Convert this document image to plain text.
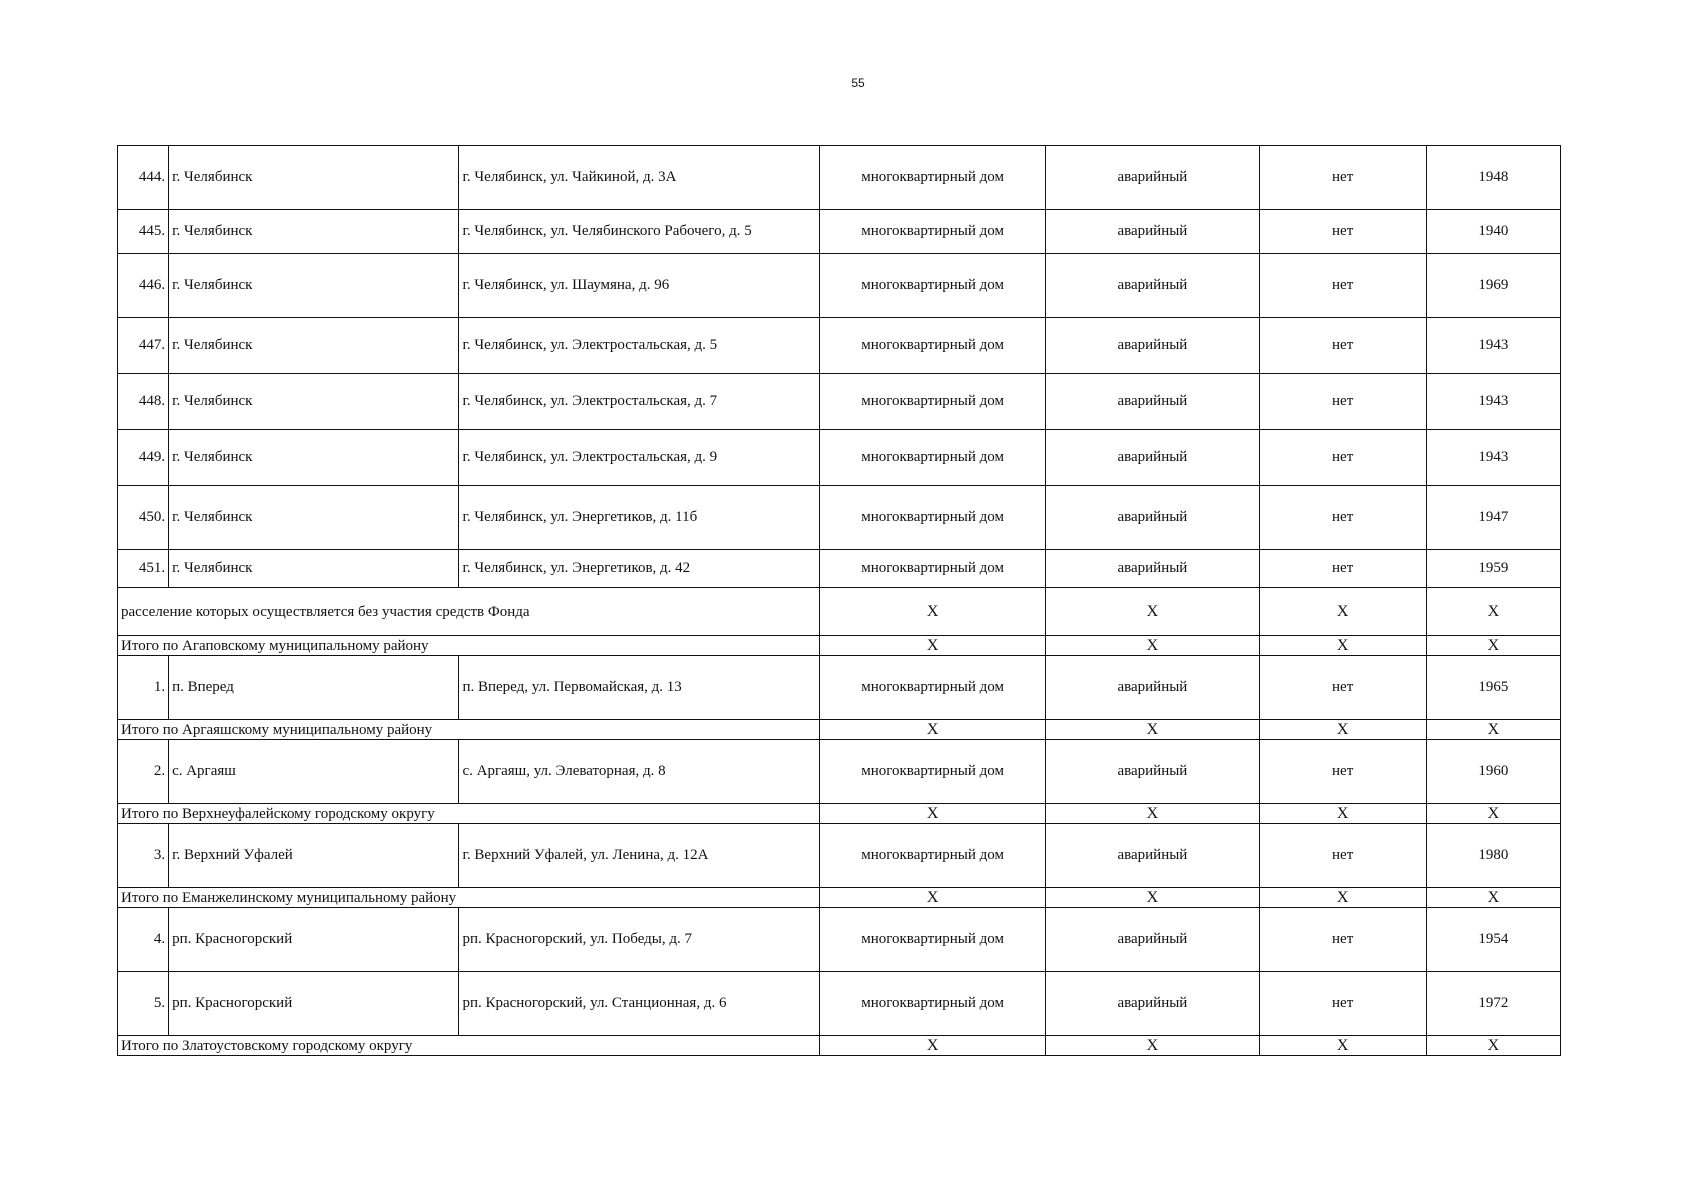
55
444.	г. Челябинск	г. Челябинск, ул. Чайкиной, д. 3А	многоквартирный дом	аварийный	нет	1948
445.	г. Челябинск	г. Челябинск, ул. Челябинского Рабочего, д. 5	многоквартирный дом	аварийный	нет	1940
446.	г. Челябинск	г. Челябинск, ул. Шаумяна, д. 96	многоквартирный дом	аварийный	нет	1969
447.	г. Челябинск	г. Челябинск, ул. Электростальская, д. 5	многоквартирный дом	аварийный	нет	1943
448.	г. Челябинск	г. Челябинск, ул. Электростальская, д. 7	многоквартирный дом	аварийный	нет	1943
449.	г. Челябинск	г. Челябинск, ул. Электростальская, д. 9	многоквартирный дом	аварийный	нет	1943
450.	г. Челябинск	г. Челябинск, ул. Энергетиков, д. 11б	многоквартирный дом	аварийный	нет	1947
451.	г. Челябинск	г. Челябинск, ул. Энергетиков, д. 42	многоквартирный дом	аварийный	нет	1959
расселение которых осуществляется без участия средств Фонда			X	X	X	X
Итого по Агаповскому муниципальному району			X	X	X	X
1.	п. Вперед	п. Вперед, ул. Первомайская, д. 13	многоквартирный дом	аварийный	нет	1965
Итого по Аргаяшскому муниципальному району			X	X	X	X
2.	с. Аргаяш	с. Аргаяш, ул. Элеваторная, д. 8	многоквартирный дом	аварийный	нет	1960
Итого по Верхнеуфалейскому городскому округу			X	X	X	X
3.	г. Верхний Уфалей	г. Верхний Уфалей, ул. Ленина, д. 12А	многоквартирный дом	аварийный	нет	1980
Итого по Еманжелинскому муниципальному району			X	X	X	X
4.	рп. Красногорский	рп. Красногорский, ул. Победы, д. 7	многоквартирный дом	аварийный	нет	1954
5.	рп. Красногорский	рп. Красногорский, ул. Станционная, д. 6	многоквартирный дом	аварийный	нет	1972
Итого по Златоустовскому городскому округу			X	X	X	X
